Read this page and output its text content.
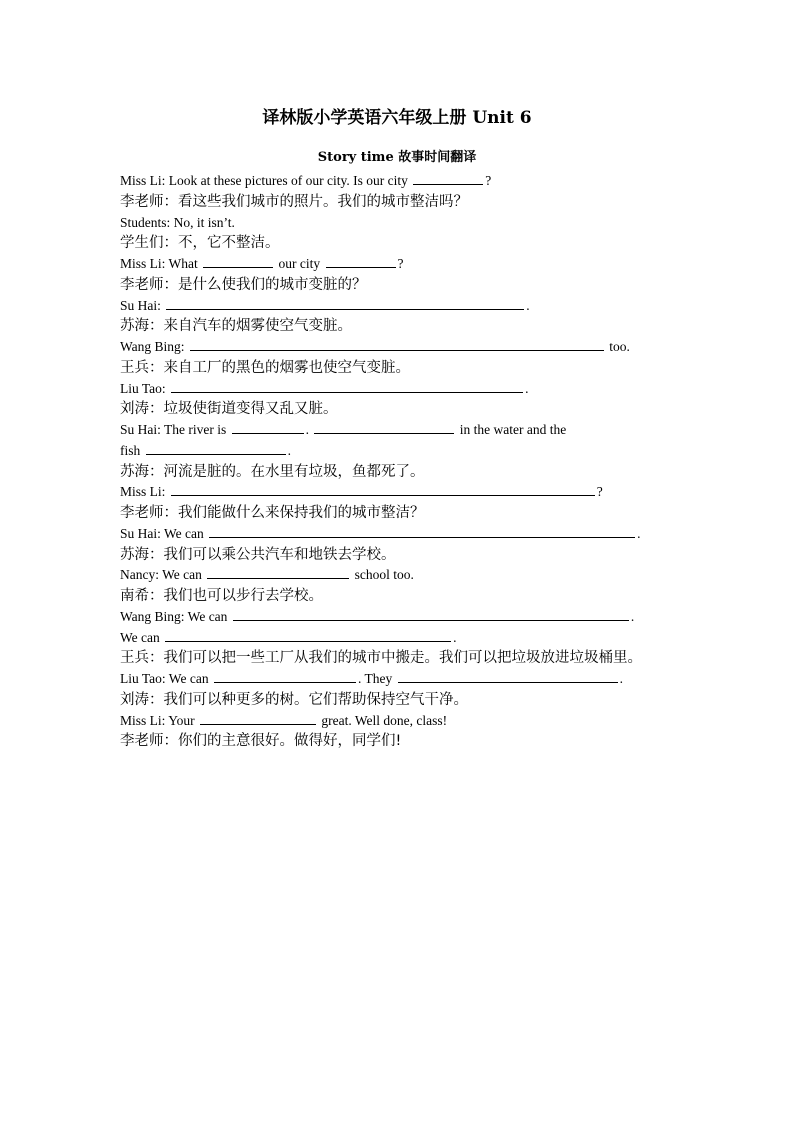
译林版小学英语六年级上册 Unit 6
Story time 故事时间翻译
Miss Li: Look at these pictures of our city. Is our city	?
李老师：看这些我们城市的照片。我们的城市整洁吗？
Students: No, it isn’t.
学生们：不，它不整洁。
Miss Li: What	our city	?
李老师：是什么使我们的城市变脏的？
Su Hai:	.
苏海：来自汽车的烟雾使空气变脏。
Wang Bing:	too.
王兵：来自工厂的黑色的烟雾也使空气变脏。
Liu Tao:	.
刘涛：垃圾使街道变得又乱又脏。
Su Hai: The river is	.	in the water and the
fish	.
苏海：河流是脏的。在水里有垃圾，鱼都死了。
Miss Li:	?
李老师：我们能做什么来保持我们的城市整洁？
Su Hai: We can	.
苏海：我们可以乘公共汽车和地铁去学校。
Nancy: We can	school too.
南希：我们也可以步行去学校。
Wang Bing: We can	.
We can	.
王兵：我们可以把一些工厂从我们的城市中搬走。我们可以把垃圾放进垃圾桶里。
Liu Tao: We can	. They	.
刘涛：我们可以种更多的树。它们帮助保持空气干净。
Miss Li: Your	great. Well done, class!
李老师：你们的主意很好。做得好，同学们!
